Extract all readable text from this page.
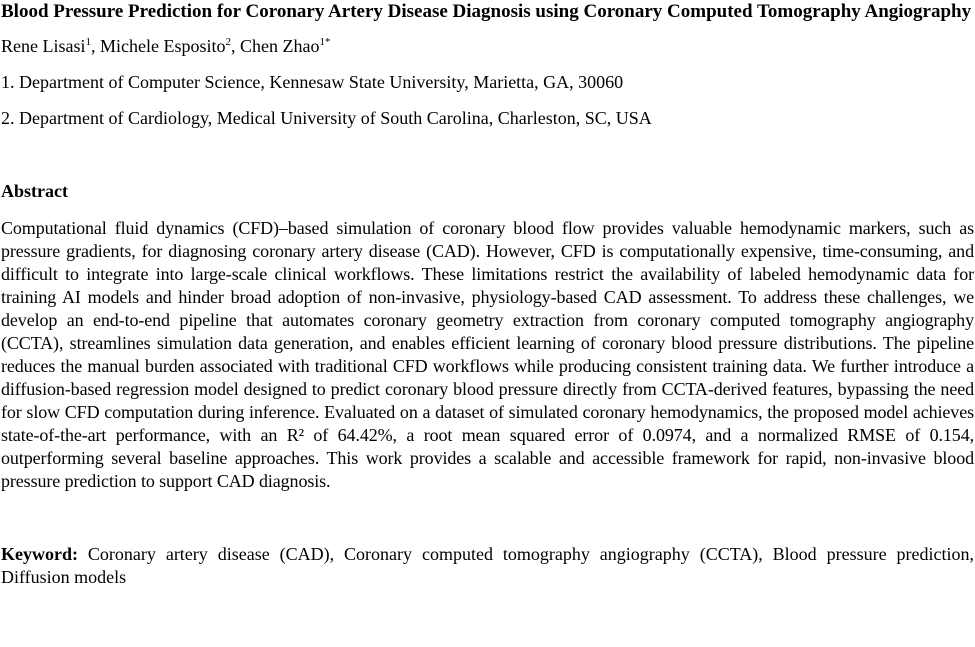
Blood Pressure Prediction for Coronary Artery Disease Diagnosis using Coronary Computed Tomography Angiography
Rene Lisasi$^1$, Michele Esposito$^2$, Chen Zhao$^{1*}$
1. Department of Computer Science, Kennesaw State University, Marietta, GA, 30060
2. Department of Cardiology, Medical University of South Carolina, Charleston, SC, USA
Abstract
Computational fluid dynamics (CFD)–based simulation of coronary blood flow provides valuable hemodynamic markers, such as pressure gradients, for diagnosing coronary artery disease (CAD). However, CFD is computationally expensive, time-consuming, and difficult to integrate into large-scale clinical workflows. These limitations restrict the availability of labeled hemodynamic data for training AI models and hinder broad adoption of non-invasive, physiology-based CAD assessment. To address these challenges, we develop an end-to-end pipeline that automates coronary geometry extraction from coronary computed tomography angiography (CCTA), streamlines simulation data generation, and enables efficient learning of coronary blood pressure distributions. The pipeline reduces the manual burden associated with traditional CFD workflows while producing consistent training data. We further introduce a diffusion-based regression model designed to predict coronary blood pressure directly from CCTA-derived features, bypassing the need for slow CFD computation during inference. Evaluated on a dataset of simulated coronary hemodynamics, the proposed model achieves state-of-the-art performance, with an R² of 64.42%, a root mean squared error of 0.0974, and a normalized RMSE of 0.154, outperforming several baseline approaches. This work provides a scalable and accessible framework for rapid, non-invasive blood pressure prediction to support CAD diagnosis.
Keyword: Coronary artery disease (CAD), Coronary computed tomography angiography (CCTA), Blood pressure prediction, Diffusion models
